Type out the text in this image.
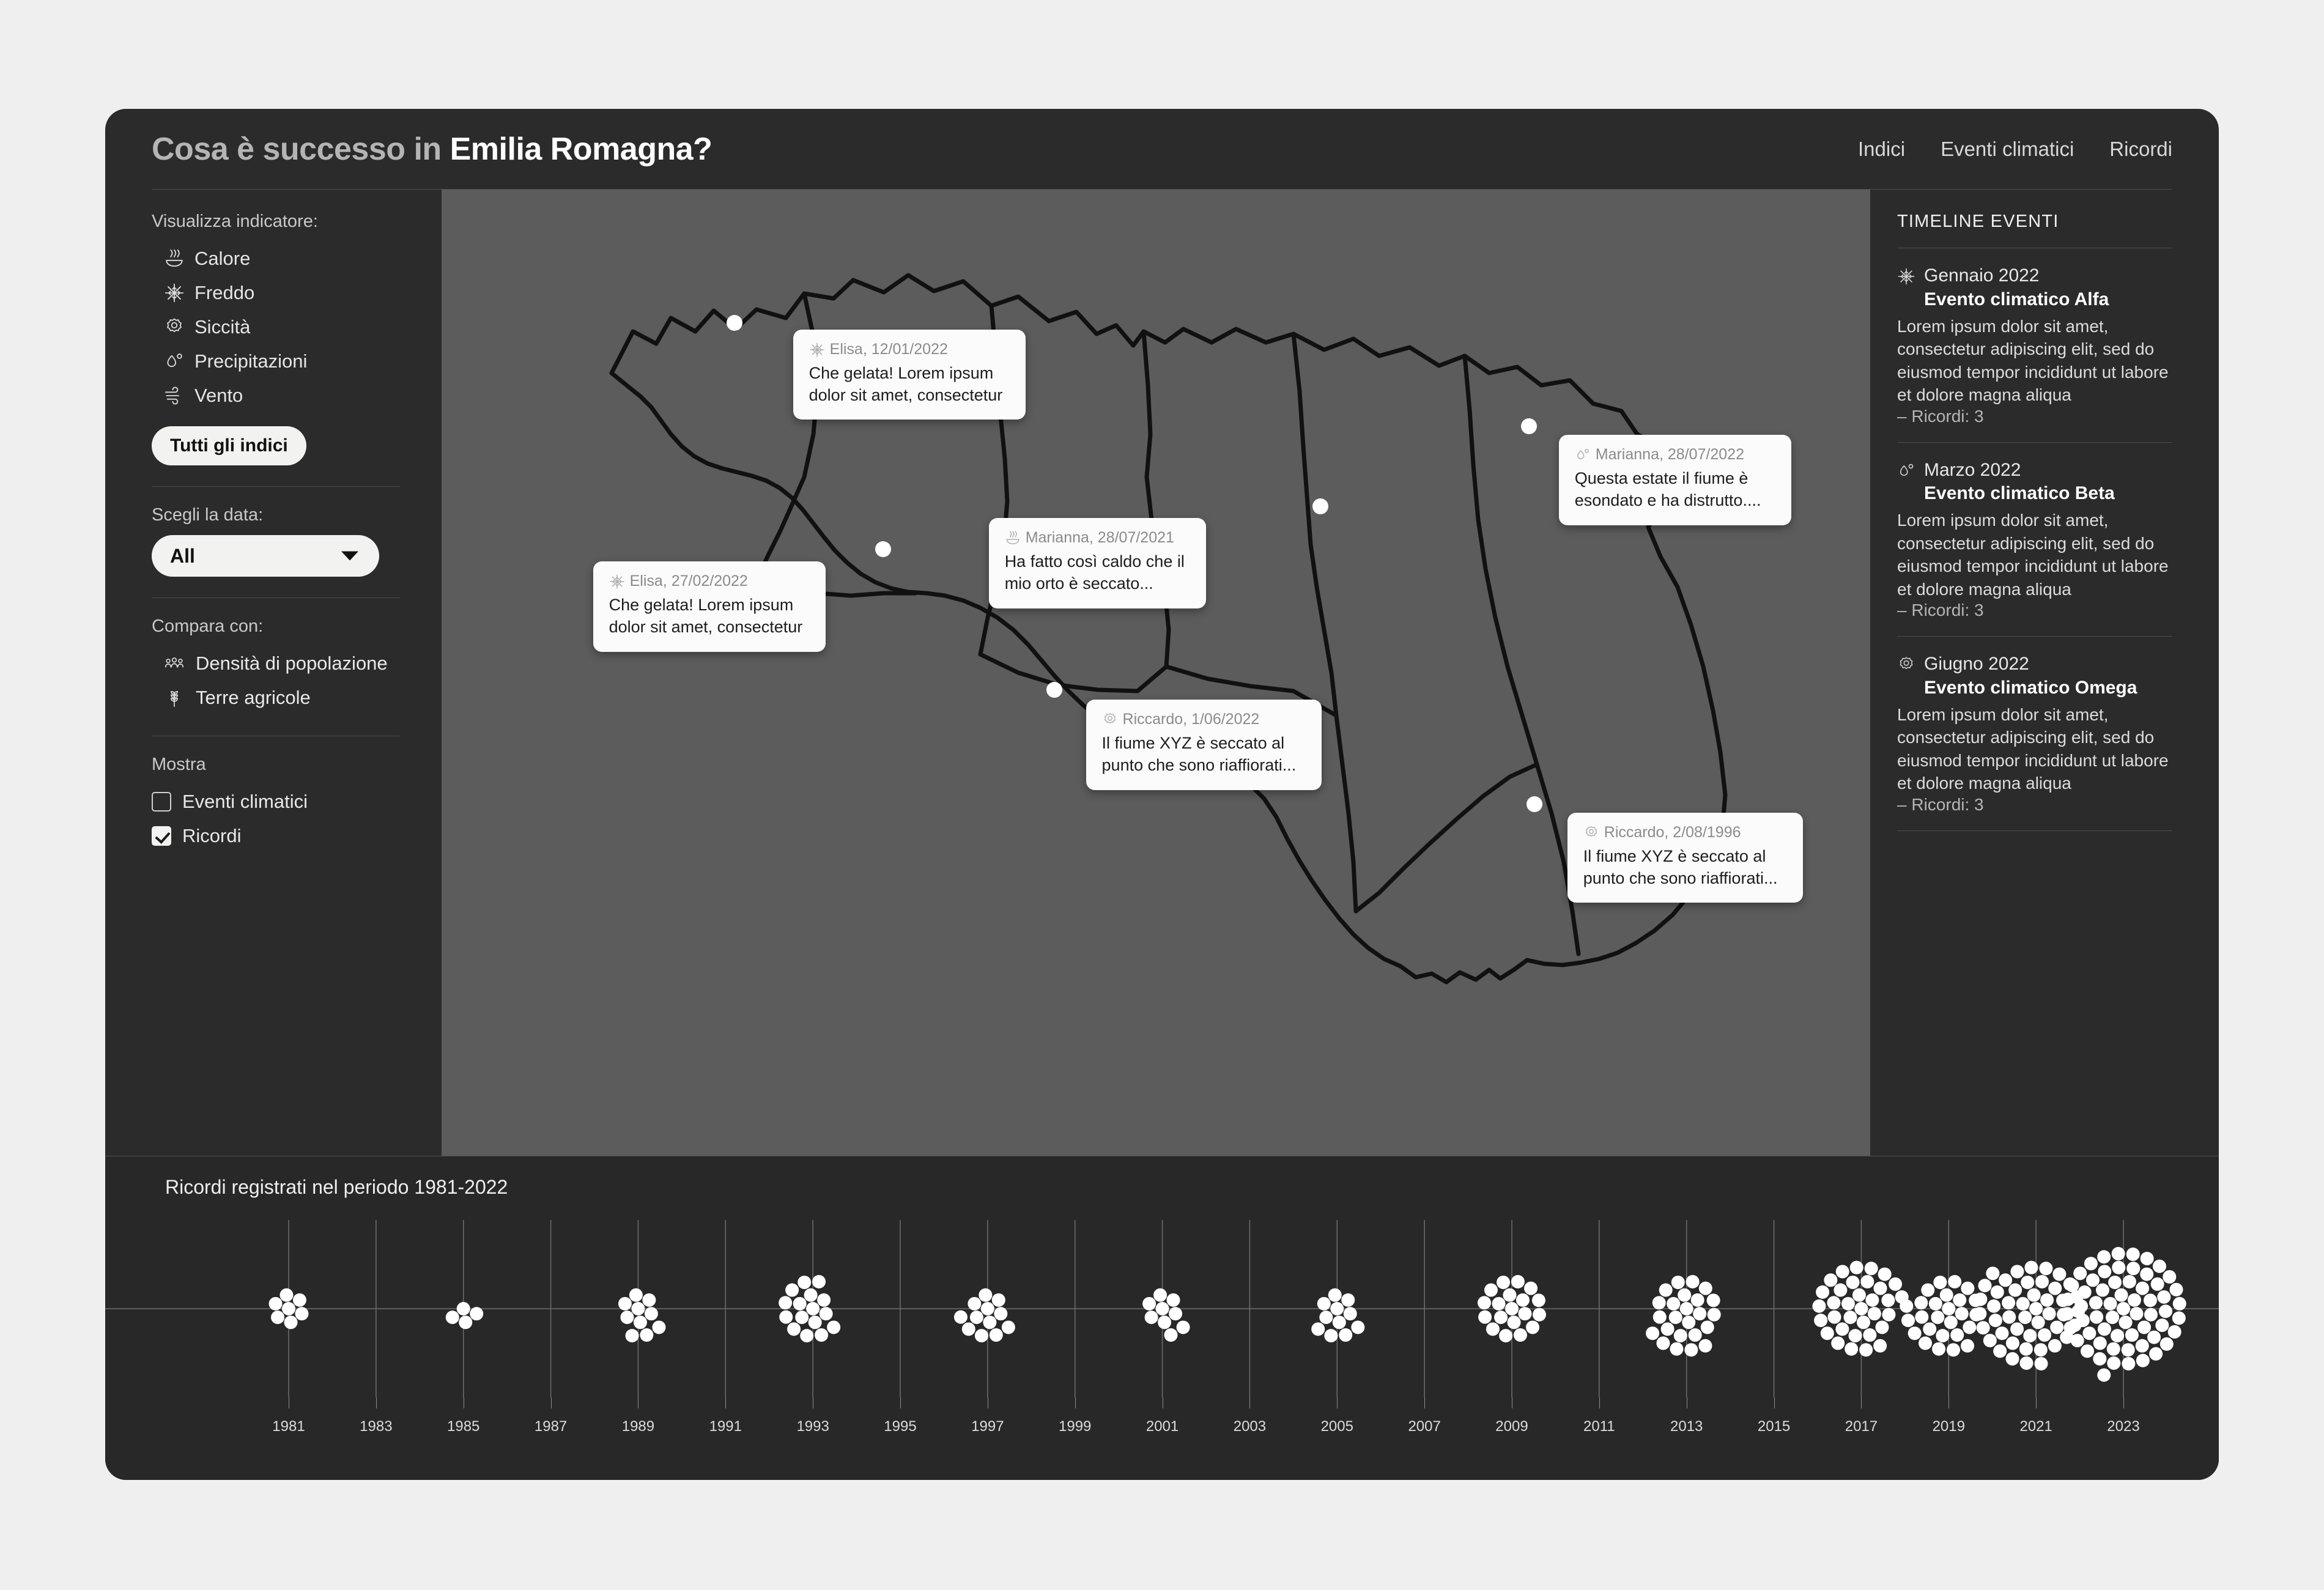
Cosa è successo in Emilia Romagna?	Indici Eventi climatici Ricordi
Visualizza indicatore:
Calore
Freddo
Siccità
Precipitazioni
Vento
Tutti gli indici
Scegli la data:
All
Compara con:
Densità di popolazione
Terre agricole
Mostra
Eventi climatici
Ricordi
Elisa, 12/01/2022
Che gelata! Lorem ipsum dolor sit amet, consectetur
Elisa, 27/02/2022
Che gelata! Lorem ipsum dolor sit amet, consectetur
Marianna, 28/07/2021
Ha fatto così caldo che il mio orto è seccato...
Marianna, 28/07/2022
Questa estate il fiume è esondato e ha distrutto....
Riccardo, 1/06/2022
Il fiume XYZ è seccato al punto che sono riaffiorati...
Riccardo, 2/08/1996
Il fiume XYZ è seccato al punto che sono riaffiorati...
TIMELINE EVENTI
Gennaio 2022
Evento climatico Alfa
Lorem ipsum dolor sit amet, consectetur adipiscing elit, sed do eiusmod tempor incididunt ut labore et dolore magna aliqua
– Ricordi: 3
Marzo 2022
Evento climatico Beta
Lorem ipsum dolor sit amet, consectetur adipiscing elit, sed do eiusmod tempor incididunt ut labore et dolore magna aliqua
– Ricordi: 3
Giugno 2022
Evento climatico Omega
Lorem ipsum dolor sit amet, consectetur adipiscing elit, sed do eiusmod tempor incididunt ut labore et dolore magna aliqua
– Ricordi: 3
Ricordi registrati nel periodo 1981-2022
1981	1983	1985	1987	1989	1991	1993	1995	1997	1999	2001	2003	2005	2007	2009	2011	2013	2015	2017	2019	2021	2023
